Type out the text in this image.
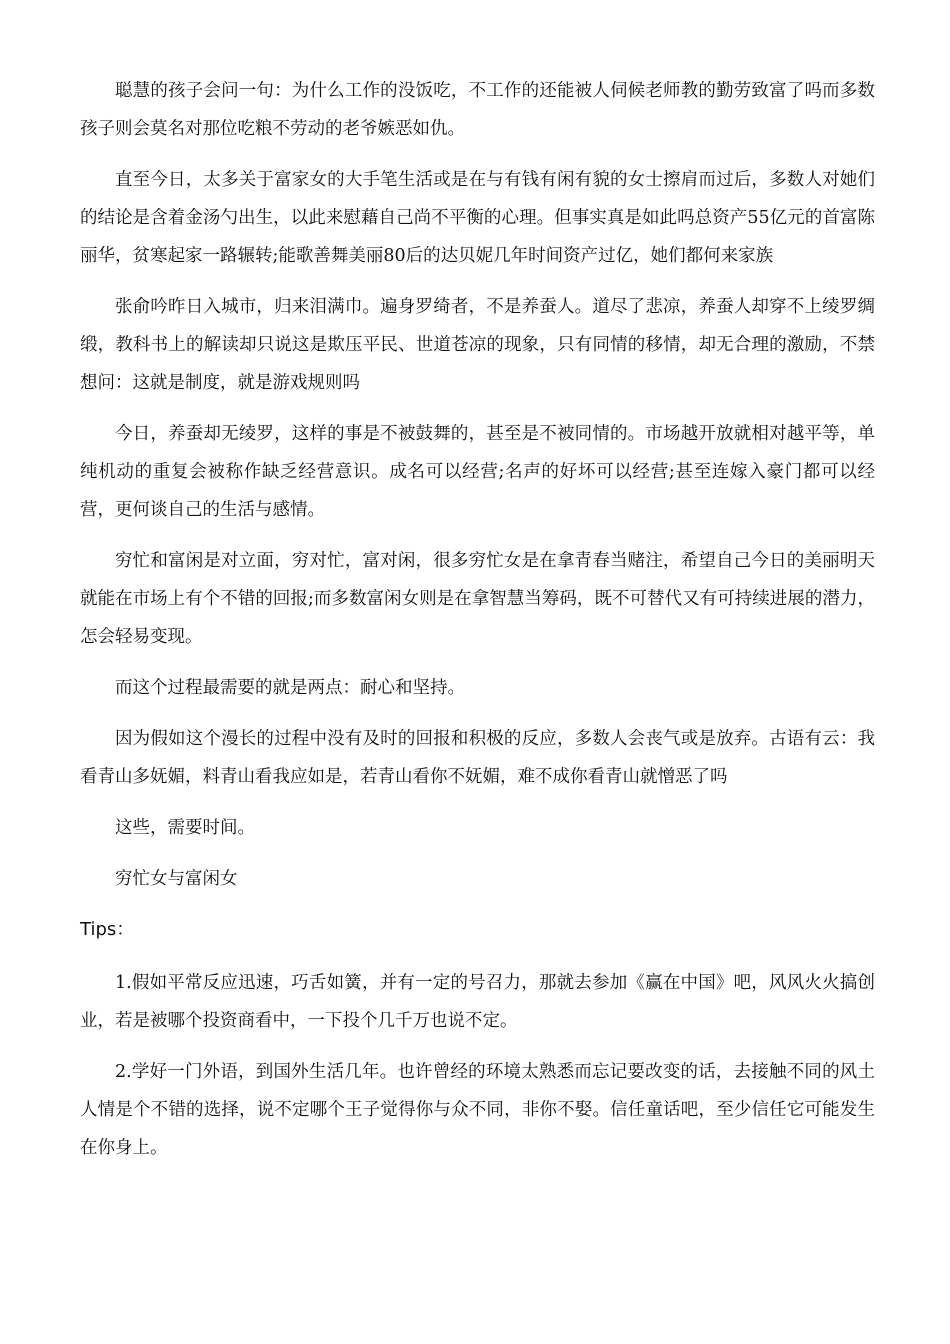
聪慧的孩子会问一句：为什么工作的没饭吃，不工作的还能被人伺候老师教的勤劳致富了吗而多数孩子则会莫名对那位吃粮不劳动的老爷嫉恶如仇。

直至今日，太多关于富家女的大手笔生活或是在与有钱有闲有貌的女士擦肩而过后，多数人对她们的结论是含着金汤勺出生，以此来慰藉自己尚不平衡的心理。但事实真是如此吗总资产55亿元的首富陈丽华，贫寒起家一路辗转;能歌善舞美丽80后的达贝妮几年时间资产过亿，她们都何来家族

张俞吟昨日入城市，归来泪满巾。遍身罗绮者，不是养蚕人。道尽了悲凉，养蚕人却穿不上绫罗绸缎，教科书上的解读却只说这是欺压平民、世道苍凉的现象，只有同情的移情，却无合理的激励，不禁想问：这就是制度，就是游戏规则吗

今日，养蚕却无绫罗，这样的事是不被鼓舞的，甚至是不被同情的。市场越开放就相对越平等，单纯机动的重复会被称作缺乏经营意识。成名可以经营;名声的好坏可以经营;甚至连嫁入豪门都可以经营，更何谈自己的生活与感情。

穷忙和富闲是对立面，穷对忙，富对闲，很多穷忙女是在拿青春当赌注，希望自己今日的美丽明天就能在市场上有个不错的回报;而多数富闲女则是在拿智慧当筹码，既不可替代又有可持续进展的潜力，怎会轻易变现。

而这个过程最需要的就是两点：耐心和坚持。

因为假如这个漫长的过程中没有及时的回报和积极的反应，多数人会丧气或是放弃。古语有云：我看青山多妩媚，料青山看我应如是，若青山看你不妩媚，难不成你看青山就憎恶了吗

这些，需要时间。

穷忙女与富闲女

Tips：

1.假如平常反应迅速，巧舌如簧，并有一定的号召力，那就去参加《赢在中国》吧，风风火火搞创业，若是被哪个投资商看中，一下投个几千万也说不定。

2.学好一门外语，到国外生活几年。也许曾经的环境太熟悉而忘记要改变的话，去接触不同的风土人情是个不错的选择，说不定哪个王子觉得你与众不同，非你不娶。信任童话吧，至少信任它可能发生在你身上。
